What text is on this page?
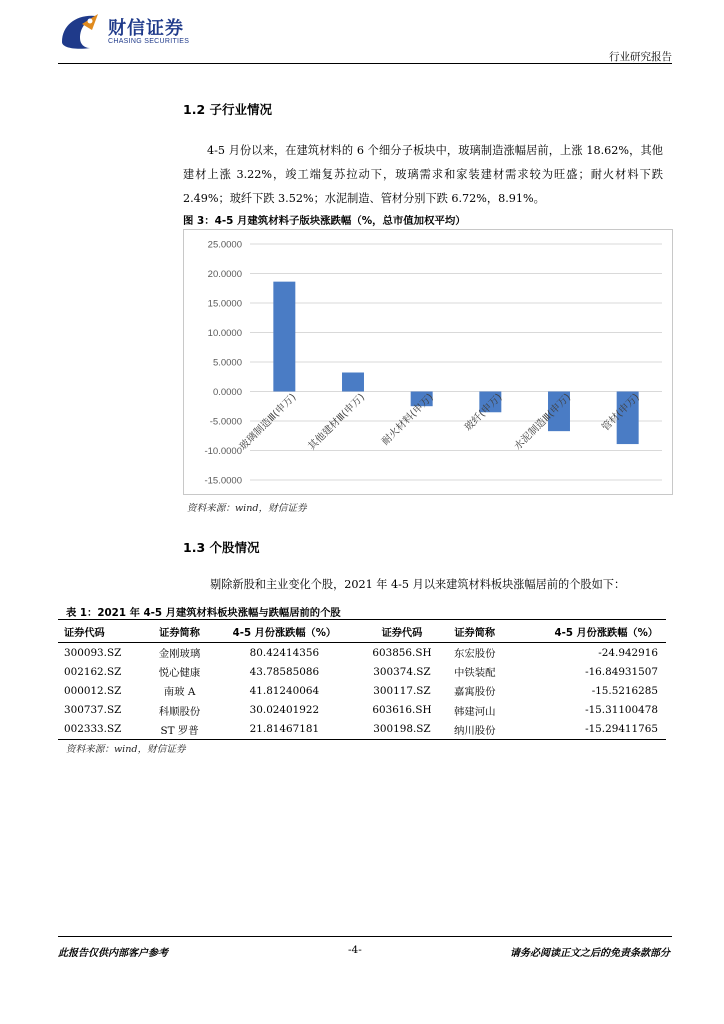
财信证券
CHASING SECURITIES
行业研究报告
1.2 子行业情况
4-5 月份以来，在建筑材料的 6 个细分子板块中，玻璃制造涨幅居前，上涨 18.62%，其他建材上涨 3.22%，竣工端复苏拉动下，玻璃需求和家装建材需求较为旺盛；耐火材料下跌 2.49%；玻纤下跌 3.52%；水泥制造、管材分别下跌 6.72%，8.91%。
图 3：4-5 月建筑材料子版块涨跌幅（%，总市值加权平均）
25.0000
20.0000
15.0000
10.0000
5.0000
0.0000
-5.0000
-10.0000
-15.0000
玻璃制造Ⅲ(申万) 其他建材Ⅲ(申万) 耐火材料(申万)	玻纤(申万) 水泥制造Ⅲ(申万)	管材(申万)
资料来源：wind，财信证券
1.3 个股情况
剔除新股和主业变化个股，2021 年 4-5 月以来建筑材料板块涨幅居前的个股如下：
表 1：2021 年 4-5 月建筑材料板块涨幅与跌幅居前的个股
证券代码	证券简称	4-5 月份涨跌幅（%）	证券代码	证券简称	4-5 月份涨跌幅（%）
300093.SZ	金刚玻璃	80.42414356	603856.SH	东宏股份	-24.942916
002162.SZ	悦心健康	43.78585086	300374.SZ	中铁装配	-16.84931507
000012.SZ	南玻 A	41.81240064	300117.SZ	嘉寓股份	-15.5216285
300737.SZ	科顺股份	30.02401922	603616.SH	韩建河山	-15.31100478
002333.SZ	ST 罗普	21.81467181	300198.SZ	纳川股份	-15.29411765
资料来源：wind，财信证券
此报告仅供内部客户参考	-4-	请务必阅读正文之后的免责条款部分
